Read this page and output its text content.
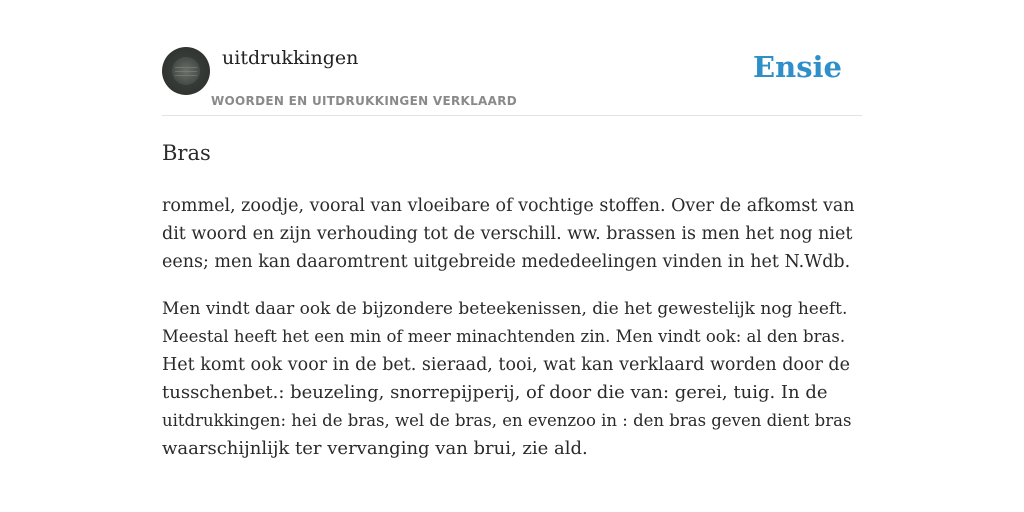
uitdrukkingen
WOORDEN EN UITDRUKKINGEN VERKLAARD
Ensie
Bras

rommel, zoodje, vooral van vloeibare of vochtige stoffen. Over de afkomst van
dit woord en zijn verhouding tot de verschill. ww. brassen is men het nog niet
eens; men kan daaromtrent uitgebreide mededeelingen vinden in het N.Wdb.

Men vindt daar ook de bijzondere beteekenissen, die het gewestelijk nog heeft.
Meestal heeft het een min of meer minachtenden zin. Men vindt ook: al den bras.
Het komt ook voor in de bet. sieraad, tooi, wat kan verklaard worden door de
tusschenbet.: beuzeling, snorrepijperij, of door die van: gerei, tuig. In de
uitdrukkingen: hei de bras, wel de bras, en evenzoo in : den bras geven dient bras
waarschijnlijk ter vervanging van brui, zie ald.
